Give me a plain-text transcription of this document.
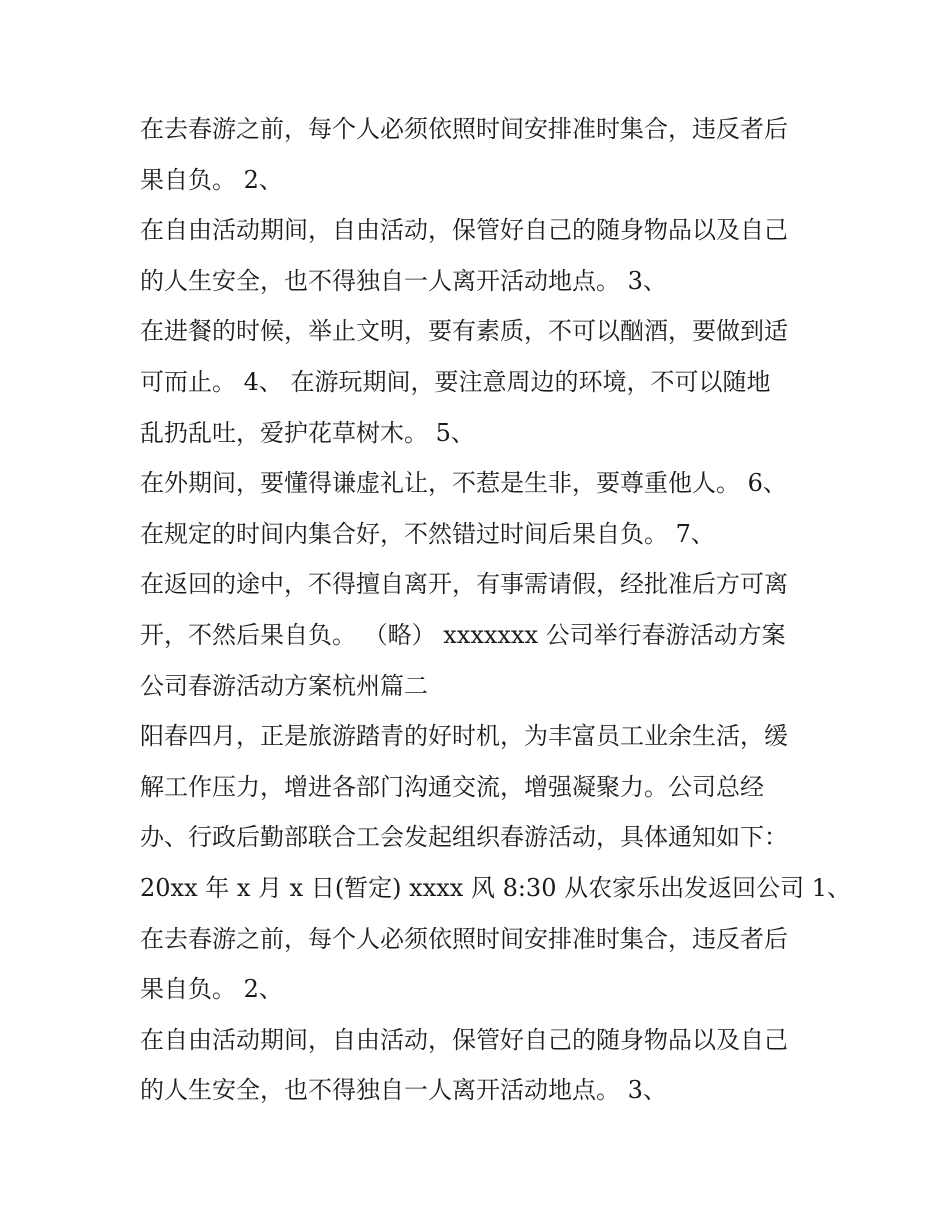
在去春游之前，每个人必须依照时间安排准时集合，违反者后
果自负。 2、
在自由活动期间，自由活动，保管好自己的随身物品以及自己
的人生安全，也不得独自一人离开活动地点。 3、
在进餐的时候，举止文明，要有素质，不可以酗酒，要做到适
可而止。 4、 在游玩期间，要注意周边的环境，不可以随地
乱扔乱吐，爱护花草树木。 5、
在外期间，要懂得谦虚礼让，不惹是生非，要尊重他人。 6、
在规定的时间内集合好，不然错过时间后果自负。 7、
在返回的途中，不得擅自离开，有事需请假，经批准后方可离
开，不然后果自负。 （略） xxxxxxx 公司举行春游活动方案
公司春游活动方案杭州篇二
阳春四月，正是旅游踏青的好时机，为丰富员工业余生活，缓
解工作压力，增进各部门沟通交流，增强凝聚力。公司总经
办、行政后勤部联合工会发起组织春游活动，具体通知如下：
20xx 年 x 月 x 日(暂定) xxxx 风 8:30 从农家乐出发返回公司 1、
在去春游之前，每个人必须依照时间安排准时集合，违反者后
果自负。 2、
在自由活动期间，自由活动，保管好自己的随身物品以及自己
的人生安全，也不得独自一人离开活动地点。 3、
